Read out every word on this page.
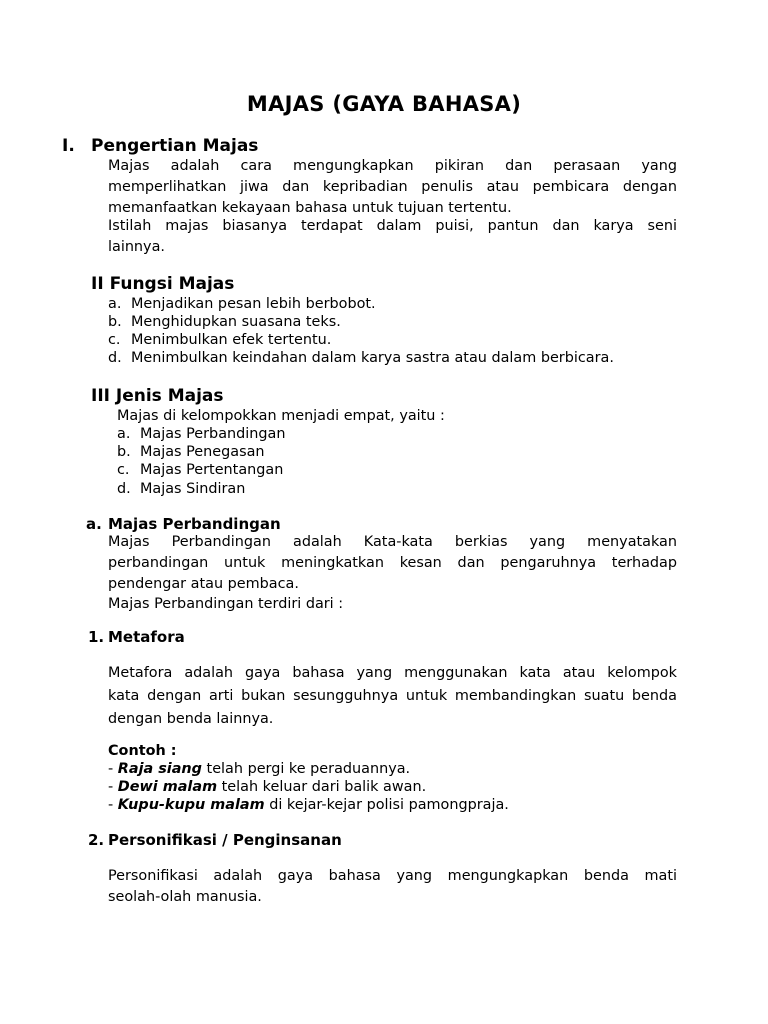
MAJAS (GAYA BAHASA)
I. Pengertian Majas
Majas adalah cara mengungkapkan pikiran dan perasaan yang
memperlihatkan jiwa dan kepribadian penulis atau pembicara dengan
memanfaatkan kekayaan bahasa untuk tujuan tertentu.
Istilah majas biasanya terdapat dalam puisi, pantun dan karya seni
lainnya.
II Fungsi Majas
a. Menjadikan pesan lebih berbobot.
b. Menghidupkan suasana teks.
c. Menimbulkan efek tertentu.
d. Menimbulkan keindahan dalam karya sastra atau dalam berbicara.
III Jenis Majas
Majas di kelompokkan menjadi empat, yaitu :
a. Majas Perbandingan
b. Majas Penegasan
c. Majas Pertentangan
d. Majas Sindiran
a. Majas Perbandingan
Majas Perbandingan adalah Kata-kata berkias yang menyatakan
perbandingan untuk meningkatkan kesan dan pengaruhnya terhadap
pendengar atau pembaca.
Majas Perbandingan terdiri dari :
1. Metafora
Metafora adalah gaya bahasa yang menggunakan kata atau kelompok
kata dengan arti bukan sesungguhnya untuk membandingkan suatu benda
dengan benda lainnya.
Contoh :
- Raja siang telah pergi ke peraduannya.
- Dewi malam telah keluar dari balik awan.
- Kupu-kupu malam di kejar-kejar polisi pamongpraja.
2. Personifikasi / Penginsanan
Personifikasi adalah gaya bahasa yang mengungkapkan benda mati
seolah-olah manusia.
